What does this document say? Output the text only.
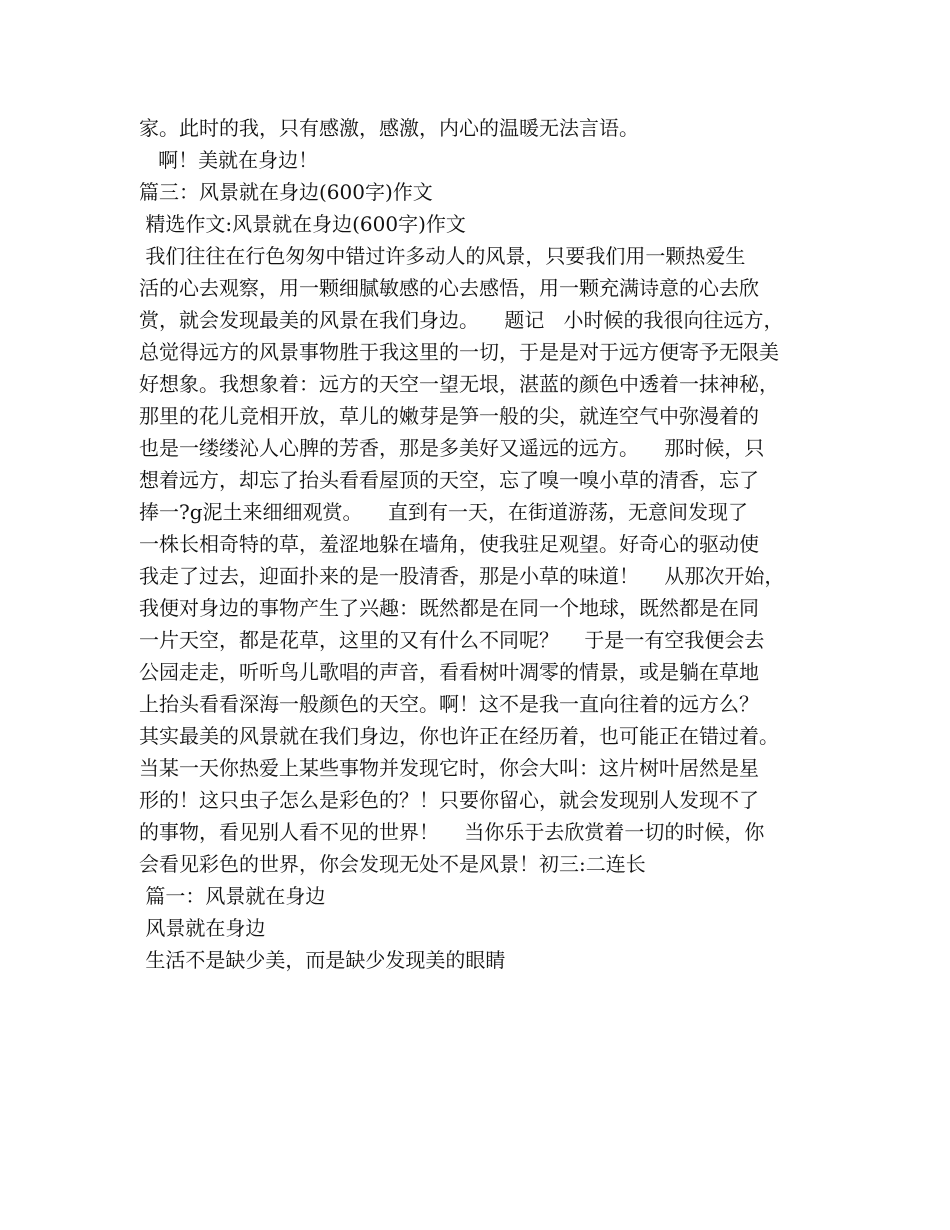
家。此时的我，只有感激，感激，内心的温暖无法言语。
啊！美就在身边！
篇三：风景就在身边(600字)作文
精选作文:风景就在身边(600字)作文
我们往往在行色匆匆中错过许多动人的风景，只要我们用一颗热爱生
活的心去观察，用一颗细腻敏感的心去感悟，用一颗充满诗意的心去欣
赏，就会发现最美的风景在我们身边。    题记   小时候的我很向往远方，
总觉得远方的风景事物胜于我这里的一切，于是是对于远方便寄予无限美
好想象。我想象着：远方的天空一望无垠，湛蓝的颜色中透着一抹神秘，
那里的花儿竞相开放，草儿的嫩芽是笋一般的尖，就连空气中弥漫着的
也是一缕缕沁人心脾的芳香，那是多美好又遥远的远方。    那时候，只
想着远方，却忘了抬头看看屋顶的天空，忘了嗅一嗅小草的清香，忘了
捧一?g泥土来细细观赏。    直到有一天，在街道游荡，无意间发现了
一株长相奇特的草，羞涩地躲在墙角，使我驻足观望。好奇心的驱动使
我走了过去，迎面扑来的是一股清香，那是小草的味道！    从那次开始，
我便对身边的事物产生了兴趣：既然都是在同一个地球，既然都是在同
一片天空，都是花草，这里的又有什么不同呢？    于是一有空我便会去
公园走走，听听鸟儿歌唱的声音，看看树叶凋零的情景，或是躺在草地
上抬头看看深海一般颜色的天空。啊！这不是我一直向往着的远方么？
其实最美的风景就在我们身边，你也许正在经历着，也可能正在错过着。
当某一天你热爱上某些事物并发现它时，你会大叫：这片树叶居然是星
形的！这只虫子怎么是彩色的？！只要你留心，就会发现别人发现不了
的事物，看见别人看不见的世界！    当你乐于去欣赏着一切的时候，你
会看见彩色的世界，你会发现无处不是风景！初三:二连长
篇一：风景就在身边
风景就在身边
生活不是缺少美，而是缺少发现美的眼睛
